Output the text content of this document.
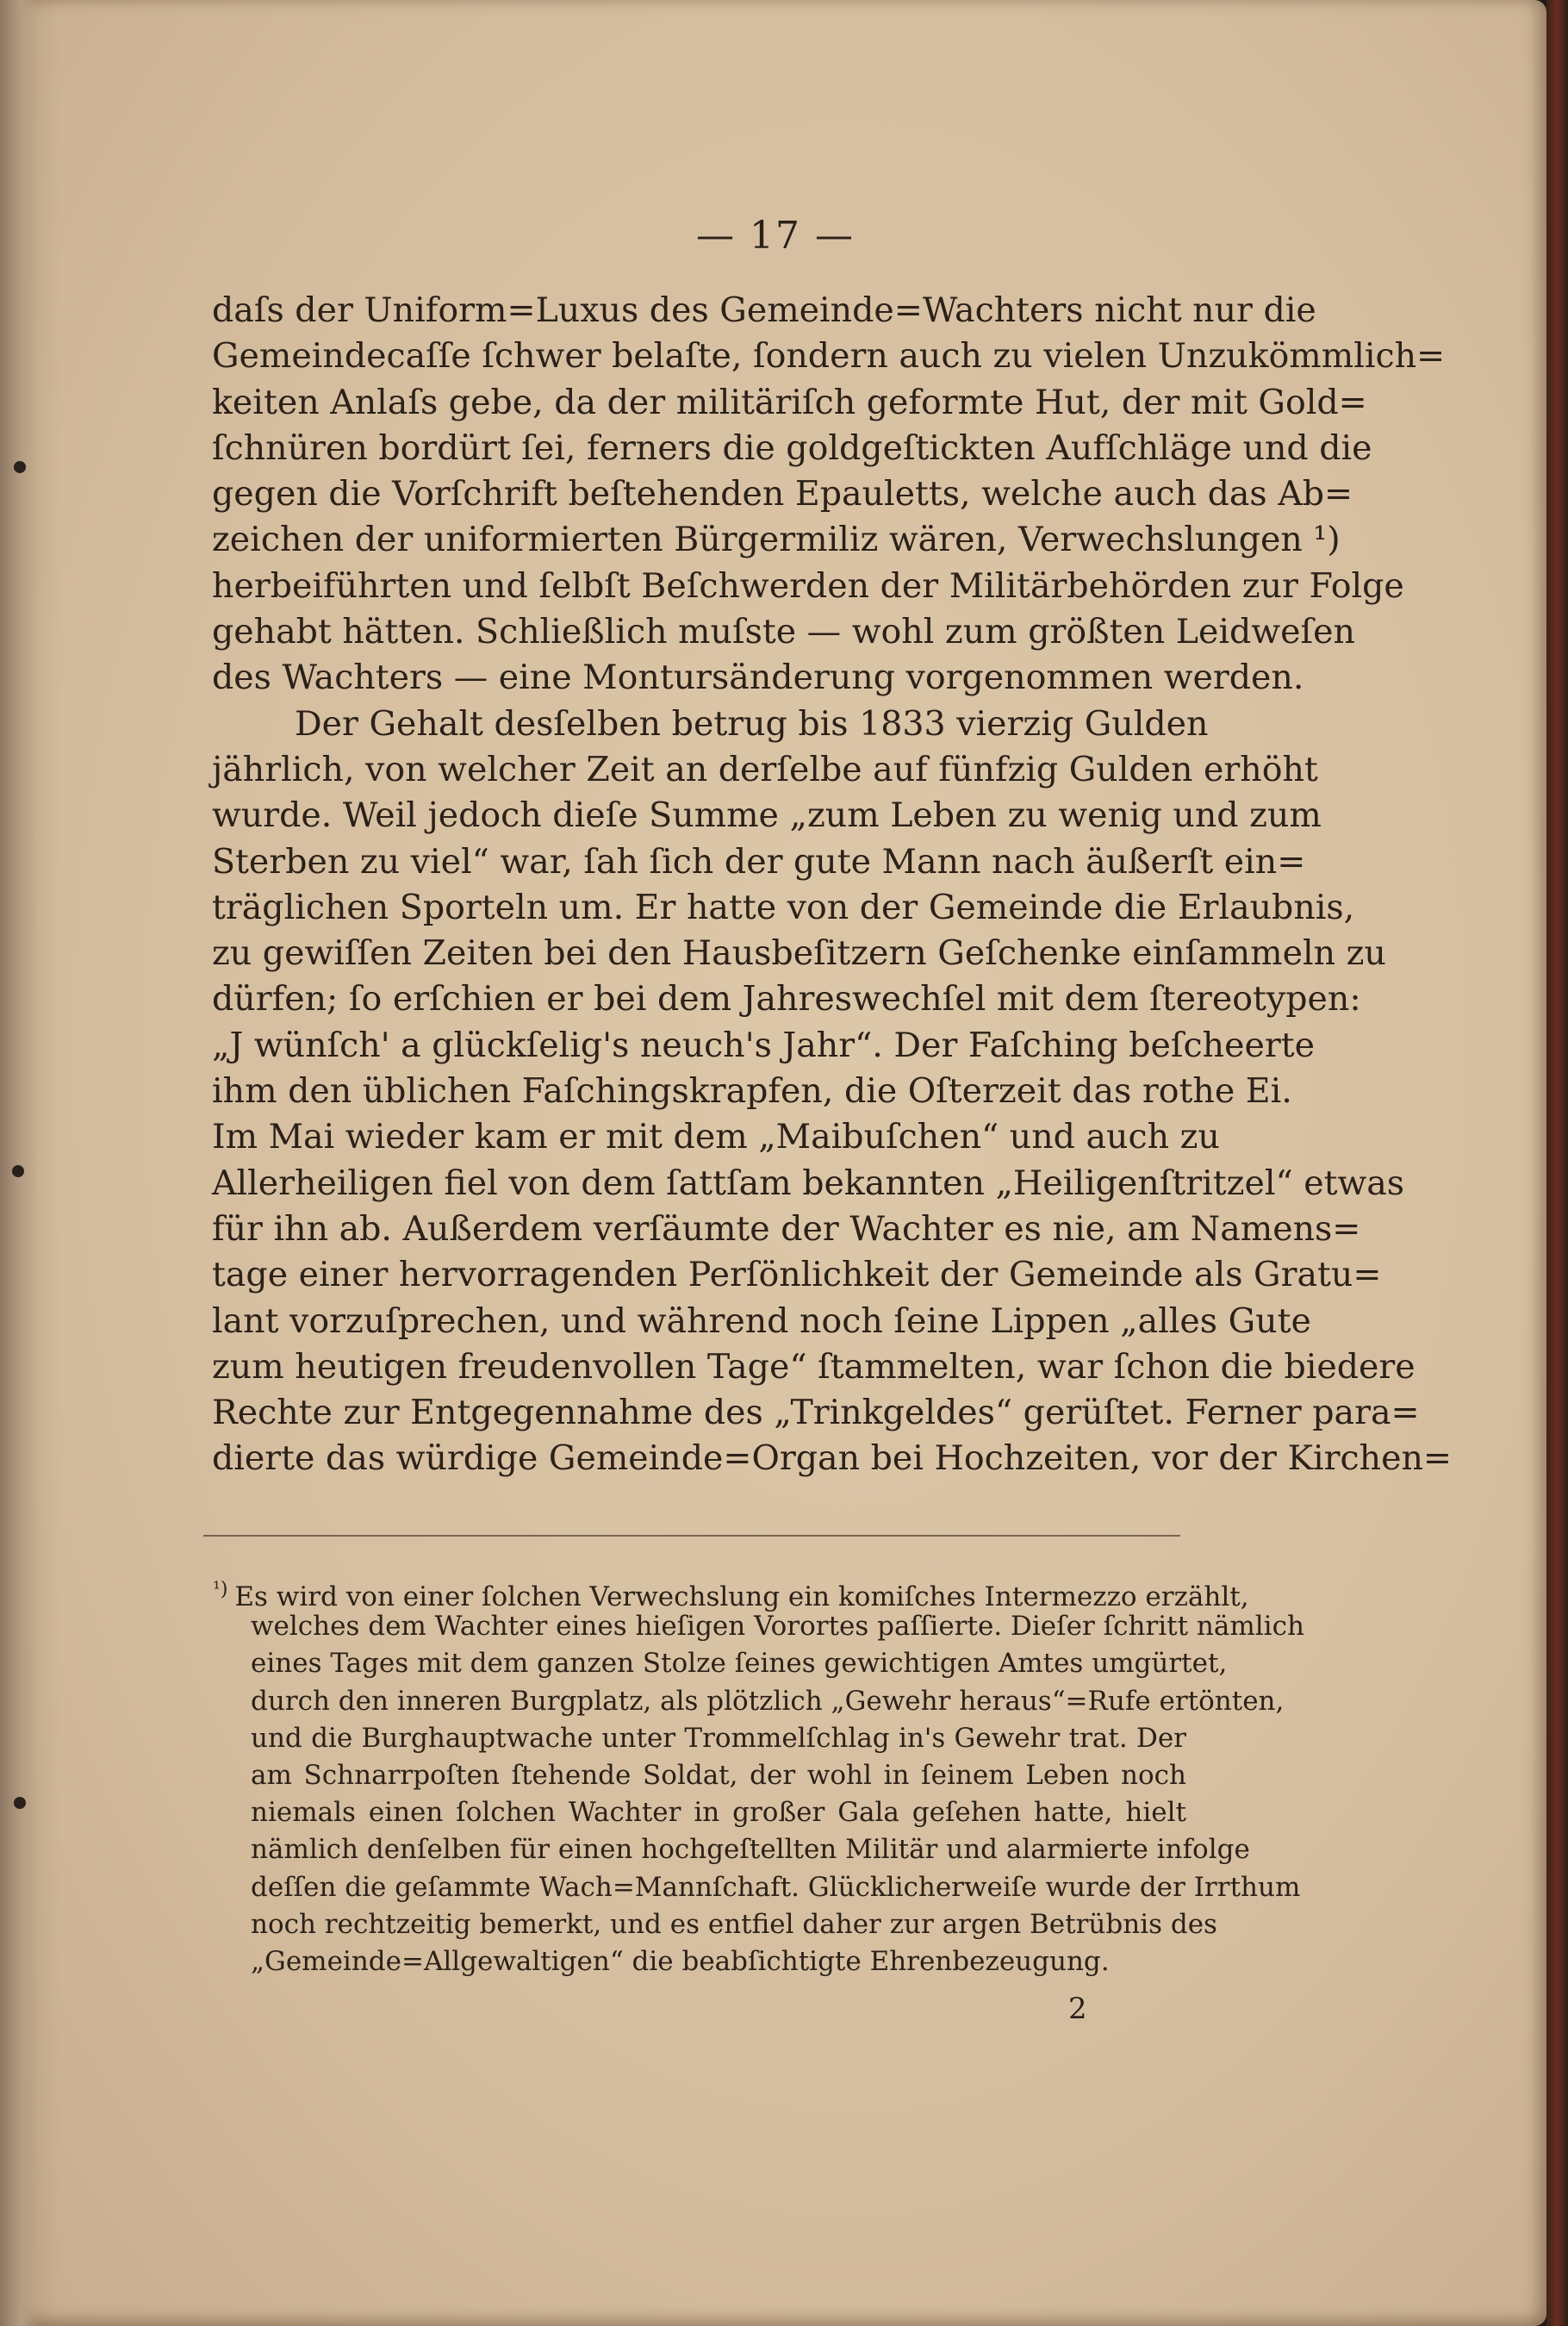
— 17 —
daſs der Uniform=Luxus des Gemeinde=Wachters nicht nur die
Gemeindecaſſe ſchwer belaſte, ſondern auch zu vielen Unzukömmlich=
keiten Anlaſs gebe, da der militäriſch geformte Hut, der mit Gold=
ſchnüren bordürt ſei, ferners die goldgeſtickten Aufſchläge und die
gegen die Vorſchrift beſtehenden Epauletts, welche auch das Ab=
zeichen der uniformierten Bürgermiliz wären, Verwechslungen ¹)
herbeiführten und ſelbſt Beſchwerden der Militärbehörden zur Folge
gehabt hätten. Schließlich muſste — wohl zum größten Leidweſen
des Wachters — eine Montursänderung vorgenommen werden.
Der Gehalt desſelben betrug bis 1833 vierzig Gulden
jährlich, von welcher Zeit an derſelbe auf fünfzig Gulden erhöht
wurde. Weil jedoch dieſe Summe „zum Leben zu wenig und zum
Sterben zu viel“ war, ſah ſich der gute Mann nach äußerſt ein=
träglichen Sporteln um. Er hatte von der Gemeinde die Erlaubnis,
zu gewiſſen Zeiten bei den Hausbeſitzern Geſchenke einſammeln zu
dürfen; ſo erſchien er bei dem Jahreswechſel mit dem ſtereotypen:
„J wünſch' a glückſelig's neuch's Jahr“. Der Faſching beſcheerte
ihm den üblichen Faſchingskrapfen, die Oſterzeit das rothe Ei.
Im Mai wieder kam er mit dem „Maibuſchen“ und auch zu
Allerheiligen fiel von dem ſattſam bekannten „Heiligenſtritzel“ etwas
für ihn ab. Außerdem verſäumte der Wachter es nie, am Namens=
tage einer hervorragenden Perſönlichkeit der Gemeinde als Gratu=
lant vorzuſprechen, und während noch ſeine Lippen „alles Gute
zum heutigen freudenvollen Tage“ ſtammelten, war ſchon die biedere
Rechte zur Entgegennahme des „Trinkgeldes“ gerüſtet. Ferner para=
dierte das würdige Gemeinde=Organ bei Hochzeiten, vor der Kirchen=
$^{^1)}$ Es wird von einer ſolchen Verwechslung ein komiſches Intermezzo erzählt,
welches dem Wachter eines hieſigen Vorortes paſſierte. Dieſer ſchritt nämlich
eines Tages mit dem ganzen Stolze ſeines gewichtigen Amtes umgürtet,
durch den inneren Burgplatz, als plötzlich „Gewehr heraus“=Rufe ertönten,
und die Burghauptwache unter Trommelſchlag in's Gewehr trat. Der
am Schnarrpoſten ſtehende Soldat, der wohl in ſeinem Leben noch
niemals einen ſolchen Wachter in großer Gala geſehen hatte, hielt
nämlich denſelben für einen hochgeſtellten Militär und alarmierte infolge
deſſen die geſammte Wach=Mannſchaft. Glücklicherweiſe wurde der Irrthum
noch rechtzeitig bemerkt, und es entfiel daher zur argen Betrübnis des
„Gemeinde=Allgewaltigen“ die beabſichtigte Ehrenbezeugung.
2
